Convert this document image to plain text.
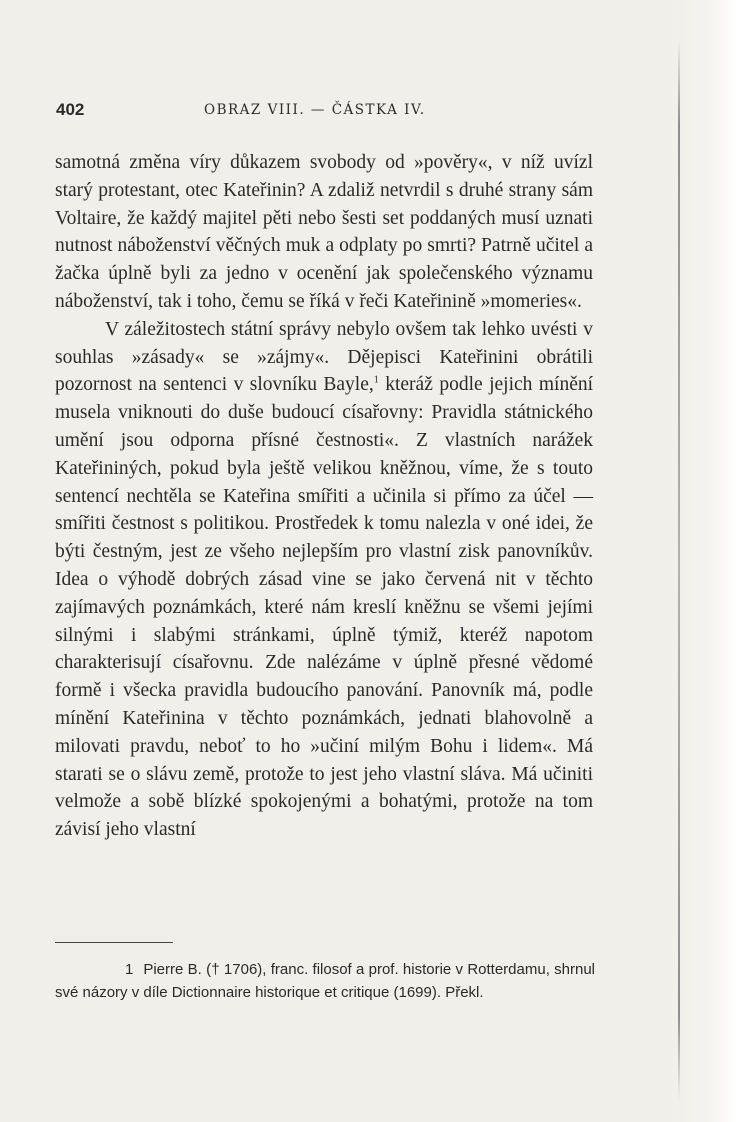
402	OBRAZ VIII. — ČÁSTKA IV.

samotná změna víry důkazem svobody od »pověry«, v níž uvízl starý protestant, otec Kateřinin? A zdaliž netvrdil s druhé strany sám Voltaire, že každý majitel pěti nebo šesti set poddaných musí uznati nutnost náboženství věčných muk a odplaty po smrti? Patrně učitel a žačka úplně byli za jedno v ocenění jak společenského významu náboženství, tak i toho, čemu se říká v řeči Kateřinině »momeries«.

V záležitostech státní správy nebylo ovšem tak lehko uvésti v souhlas »zásady« se »zájmy«. Dějepisci Kateřinini obrátili pozornost na sentenci v slovníku Bayle,$^1$ kteráž podle jejich mínění musela vniknouti do duše budoucí císařovny: Pravidla státnického umění jsou odporna přísné čestnosti«. Z vlastních narážek Kateřininých, pokud byla ještě velikou kněžnou, víme, že s touto sentencí nechtěla se Kateřina smířiti a učinila si přímo za účel — smířiti čestnost s politikou. Prostředek k tomu nalezla v oné idei, že býti čestným, jest ze všeho nejlepším pro vlastní zisk panovníkův. Idea o výhodě dobrých zásad vine se jako červená nit v těchto zajímavých poznámkách, které nám kreslí kněžnu se všemi jejími silnými i slabými stránkami, úplně týmiž, kteréž napotom charakterisují císařovnu. Zde nalézáme v úplně přesné vědomé formě i všecka pravidla budoucího panování. Panovník má, podle mínění Kateřinina v těchto poznámkách, jednati blahovolně a milovati pravdu, neboť to ho »učiní milým Bohu i lidem«. Má starati se o slávu země, protože to jest jeho vlastní sláva. Má učiniti velmože a sobě blízké spokojenými a bohatými, protože na tom závisí jeho vlastní

1 Pierre B. († 1706), franc. filosof a prof. historie v Rotterdamu, shrnul své názory v díle Dictionnaire historique et critique (1699). Překl.
